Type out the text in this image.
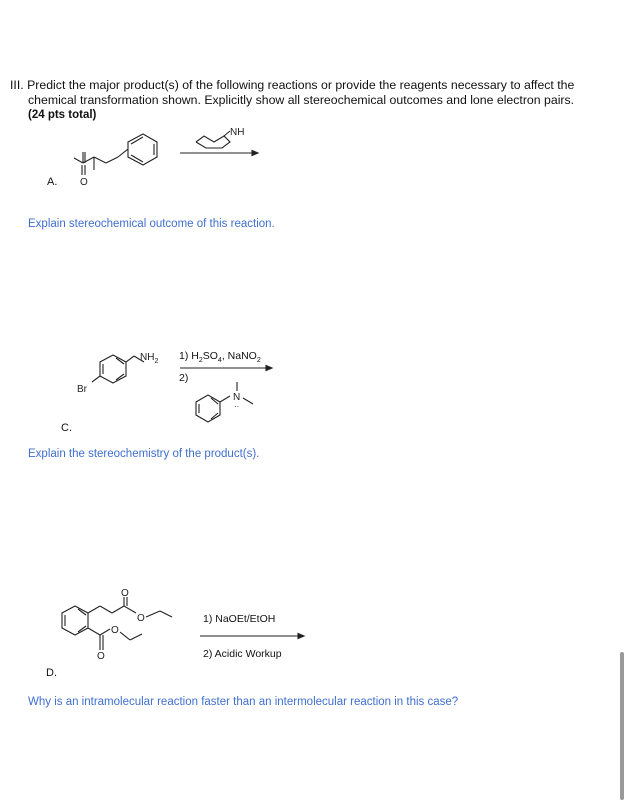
III. Predict the major product(s) of the following reactions or provide the reagents necessary to affect the
chemical transformation shown. Explicitly show all stereochemical outcomes and lone electron pairs.
(24 pts total)
O
NH
Br
$NH_2$
N
··
O
O
O
O
A.
Explain stereochemical outcome of this reaction.
1) $H_2SO_4$, NaNO$_2$
2)
C.
Explain the stereochemistry of the product(s).
1) NaOEt/EtOH
2) Acidic Workup
D.
Why is an intramolecular reaction faster than an intermolecular reaction in this case?
